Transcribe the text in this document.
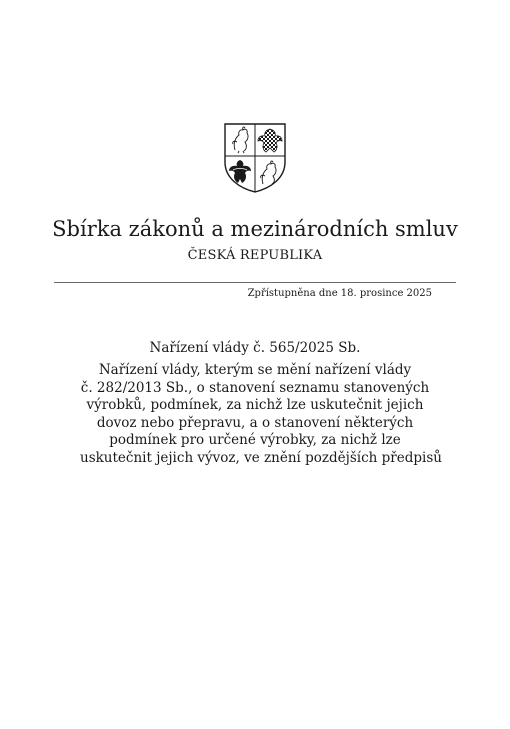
Sbírka zákonů a mezinárodních smluv
ČESKÁ REPUBLIKA
Zpřístupněna dne 18. prosince 2025
Nařízení vlády č. 565/2025 Sb.
Nařízení vlády, kterým se mění nařízení vlády
č. 282/2013 Sb., o stanovení seznamu stanovených
výrobků, podmínek, za nichž lze uskutečnit jejich
dovoz nebo přepravu, a o stanovení některých
podmínek pro určené výrobky, za nichž lze
uskutečnit jejich vývoz, ve znění pozdějších předpisů
